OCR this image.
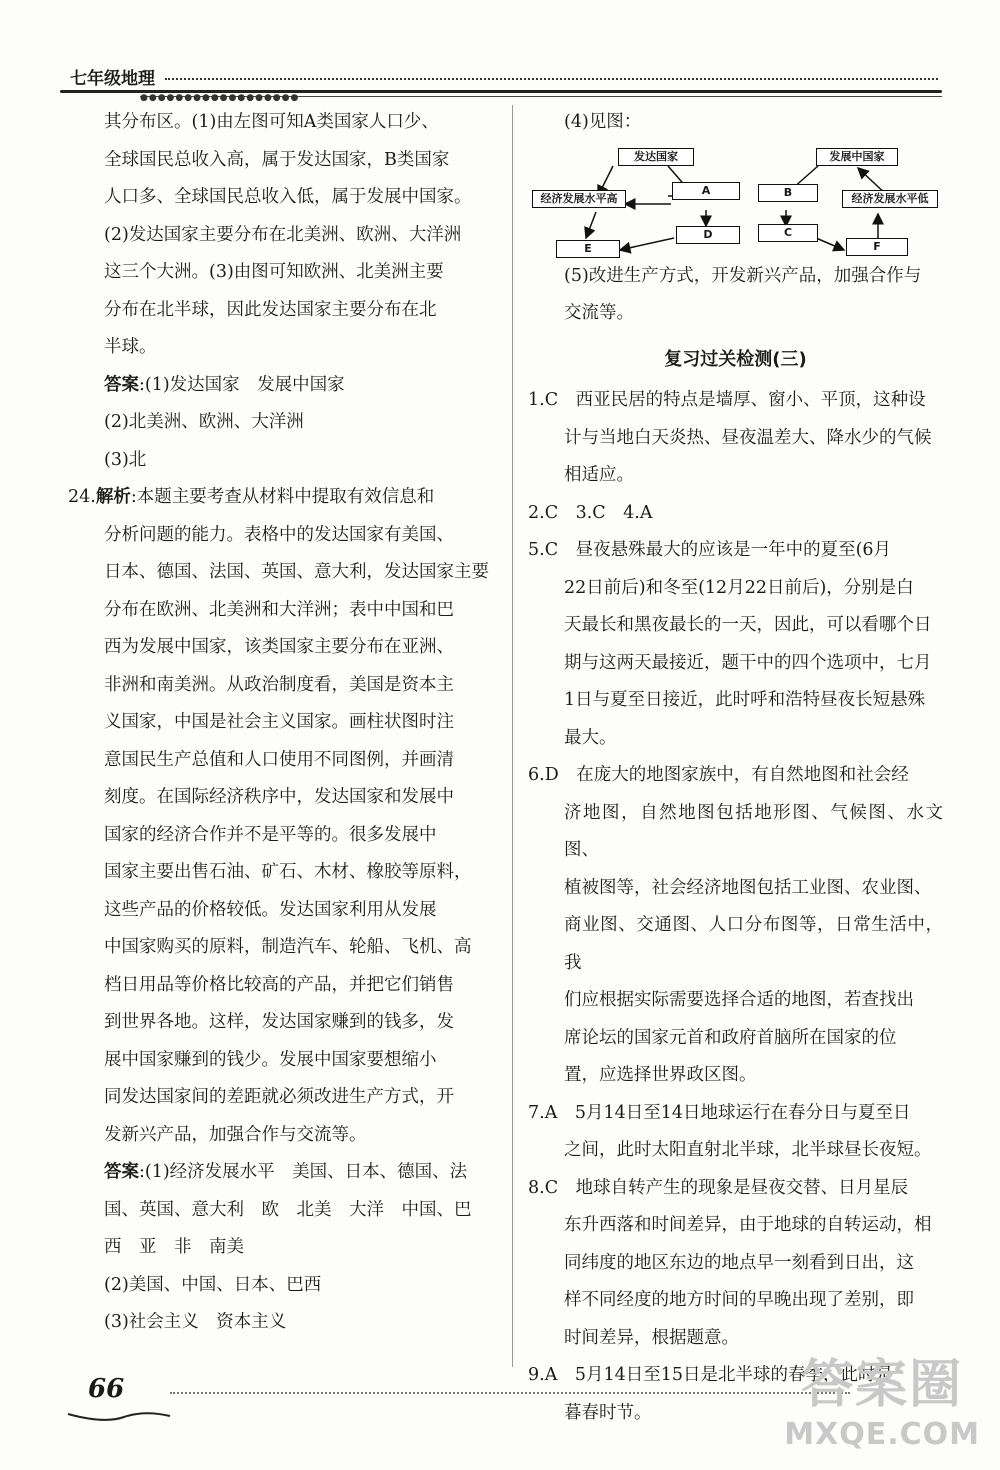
七年级地理
●●●●●●●●●●●●●●●●●●

其分布区。(1)由左图可知A类国家人口少、

全球国民总收入高，属于发达国家，B类国家

人口多、全球国民总收入低，属于发展中国家。

(2)发达国家主要分布在北美洲、欧洲、大洋洲

这三个大洲。(3)由图可知欧洲、北美洲主要

分布在北半球，因此发达国家主要分布在北

半球。

答案:(1)发达国家　发展中国家

(2)北美洲、欧洲、大洋洲

(3)北

24.解析:本题主要考查从材料中提取有效信息和

分析问题的能力。表格中的发达国家有美国、

日本、德国、法国、英国、意大利，发达国家主要

分布在欧洲、北美洲和大洋洲；表中中国和巴

西为发展中国家，该类国家主要分布在亚洲、

非洲和南美洲。从政治制度看，美国是资本主

义国家，中国是社会主义国家。画柱状图时注

意国民生产总值和人口使用不同图例，并画清

刻度。在国际经济秩序中，发达国家和发展中

国家的经济合作并不是平等的。很多发展中

国家主要出售石油、矿石、木材、橡胶等原料，

这些产品的价格较低。发达国家利用从发展

中国家购买的原料，制造汽车、轮船、飞机、高

档日用品等价格比较高的产品，并把它们销售

到世界各地。这样，发达国家赚到的钱多，发

展中国家赚到的钱少。发展中国家要想缩小

同发达国家间的差距就必须改进生产方式，开

发新兴产品，加强合作与交流等。

答案:(1)经济发展水平　美国、日本、德国、法

国、英国、意大利　欧　北美　大洋　中国、巴

西　亚　非　南美

(2)美国、中国、日本、巴西

(3)社会主义　资本主义

(4)见图：

发达国家
A
经济发展水平高
D
E
发展中国家
B	经济发展水平低
C
F

(5)改进生产方式，开发新兴产品，加强合作与

交流等。

复习过关检测(三)

1.C　西亚民居的特点是墙厚、窗小、平顶，这种设

计与当地白天炎热、昼夜温差大、降水少的气候

相适应。

2.C　3.C　4.A

5.C　昼夜悬殊最大的应该是一年中的夏至(6月

22日前后)和冬至(12月22日前后)，分别是白

天最长和黑夜最长的一天，因此，可以看哪个日

期与这两天最接近，题干中的四个选项中，七月

1日与夏至日接近，此时呼和浩特昼夜长短悬殊

最大。

6.D　在庞大的地图家族中，有自然地图和社会经

济地图，自然地图包括地形图、气候图、水文图、

植被图等，社会经济地图包括工业图、农业图、

商业图、交通图、人口分布图等，日常生活中，我

们应根据实际需要选择合适的地图，若查找出

席论坛的国家元首和政府首脑所在国家的位

置，应选择世界政区图。

7.A　5月14日至14日地球运行在春分日与夏至日

之间，此时太阳直射北半球，北半球昼长夜短。

8.C　地球自转产生的现象是昼夜交替、日月星辰

东升西落和时间差异，由于地球的自转运动，相

同纬度的地区东边的地点早一刻看到日出，这

样不同经度的地方时间的早晚出现了差别，即

时间差异，根据题意。

9.A　5月14日至15日是北半球的春季，此时是

暮春时节。

66	答案圈
MXQE.COM
